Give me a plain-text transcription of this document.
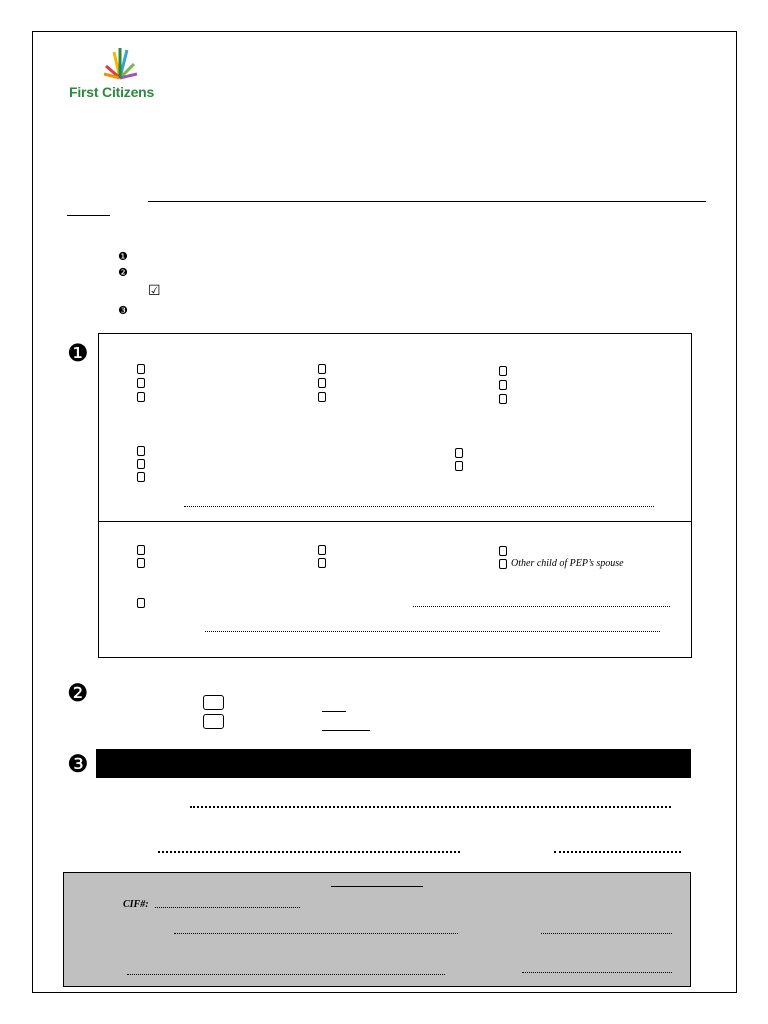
First Citizens
❶
❷
☑
❸
❶
Other child of PEP’s spouse
❷
❸
CIF#:
